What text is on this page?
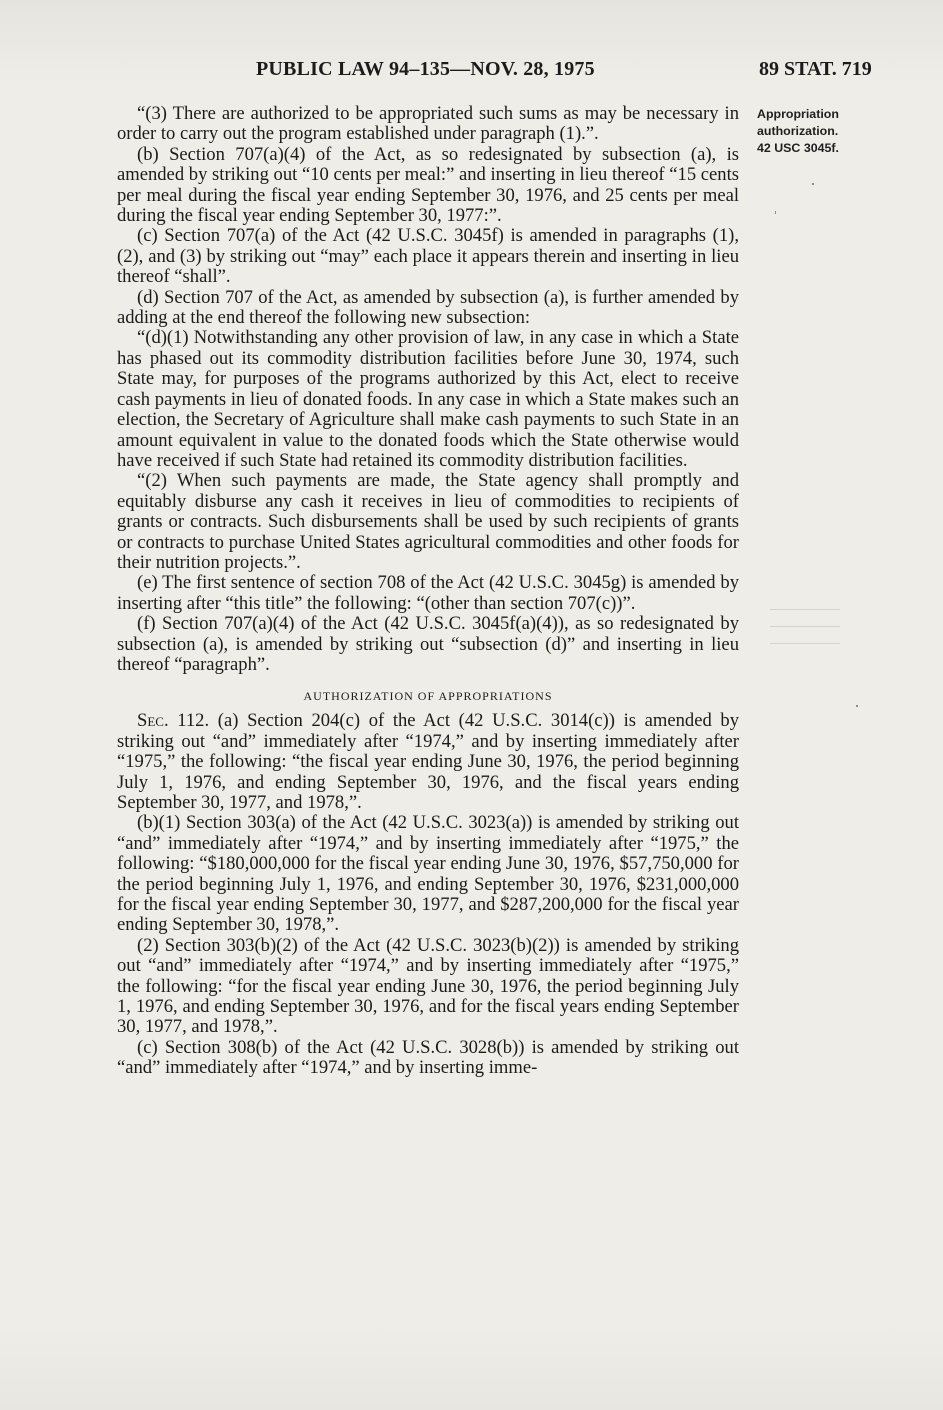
PUBLIC LAW 94–135—NOV. 28, 1975	89 STAT. 719
Appropriation
authorization.
42 USC 3045f.

“(3) There are authorized to be appropriated such sums as may be necessary in order to carry out the program established under paragraph (1).”.

(b) Section 707(a)(4) of the Act, as so redesignated by subsection (a), is amended by striking out “10 cents per meal:” and inserting in lieu thereof “15 cents per meal during the fiscal year ending September 30, 1976, and 25 cents per meal during the fiscal year ending September 30, 1977:”.

(c) Section 707(a) of the Act (42 U.S.C. 3045f) is amended in paragraphs (1), (2), and (3) by striking out “may” each place it appears therein and inserting in lieu thereof “shall”.

(d) Section 707 of the Act, as amended by subsection (a), is further amended by adding at the end thereof the following new subsection:

“(d)(1) Notwithstanding any other provision of law, in any case in which a State has phased out its commodity distribution facilities before June 30, 1974, such State may, for purposes of the programs authorized by this Act, elect to receive cash payments in lieu of donated foods. In any case in which a State makes such an election, the Secretary of Agriculture shall make cash payments to such State in an amount equivalent in value to the donated foods which the State otherwise would have received if such State had retained its commodity distribution facilities.

“(2) When such payments are made, the State agency shall promptly and equitably disburse any cash it receives in lieu of commodities to recipients of grants or contracts. Such disbursements shall be used by such recipients of grants or contracts to purchase United States agricultural commodities and other foods for their nutrition projects.”.

(e) The first sentence of section 708 of the Act (42 U.S.C. 3045g) is amended by inserting after “this title” the following: “(other than section 707(c))”.

(f) Section 707(a)(4) of the Act (42 U.S.C. 3045f(a)(4)), as so redesignated by subsection (a), is amended by striking out “subsection (d)” and inserting in lieu thereof “paragraph”.

AUTHORIZATION OF APPROPRIATIONS

Sec. 112. (a) Section 204(c) of the Act (42 U.S.C. 3014(c)) is amended by striking out “and” immediately after “1974,” and by inserting immediately after “1975,” the following: “the fiscal year ending June 30, 1976, the period beginning July 1, 1976, and ending September 30, 1976, and the fiscal years ending September 30, 1977, and 1978,”.

(b)(1) Section 303(a) of the Act (42 U.S.C. 3023(a)) is amended by striking out “and” immediately after “1974,” and by inserting immediately after “1975,” the following: “$180,000,000 for the fiscal year ending June 30, 1976, $57,750,000 for the period beginning July 1, 1976, and ending September 30, 1976, $231,000,000 for the fiscal year ending September 30, 1977, and $287,200,000 for the fiscal year ending September 30, 1978,”.

(2) Section 303(b)(2) of the Act (42 U.S.C. 3023(b)(2)) is amended by striking out “and” immediately after “1974,” and by inserting immediately after “1975,” the following: “for the fiscal year ending June 30, 1976, the period beginning July 1, 1976, and ending September 30, 1976, and for the fiscal years ending September 30, 1977, and 1978,”.

(c) Section 308(b) of the Act (42 U.S.C. 3028(b)) is amended by striking out “and” immediately after “1974,” and by inserting imme-
